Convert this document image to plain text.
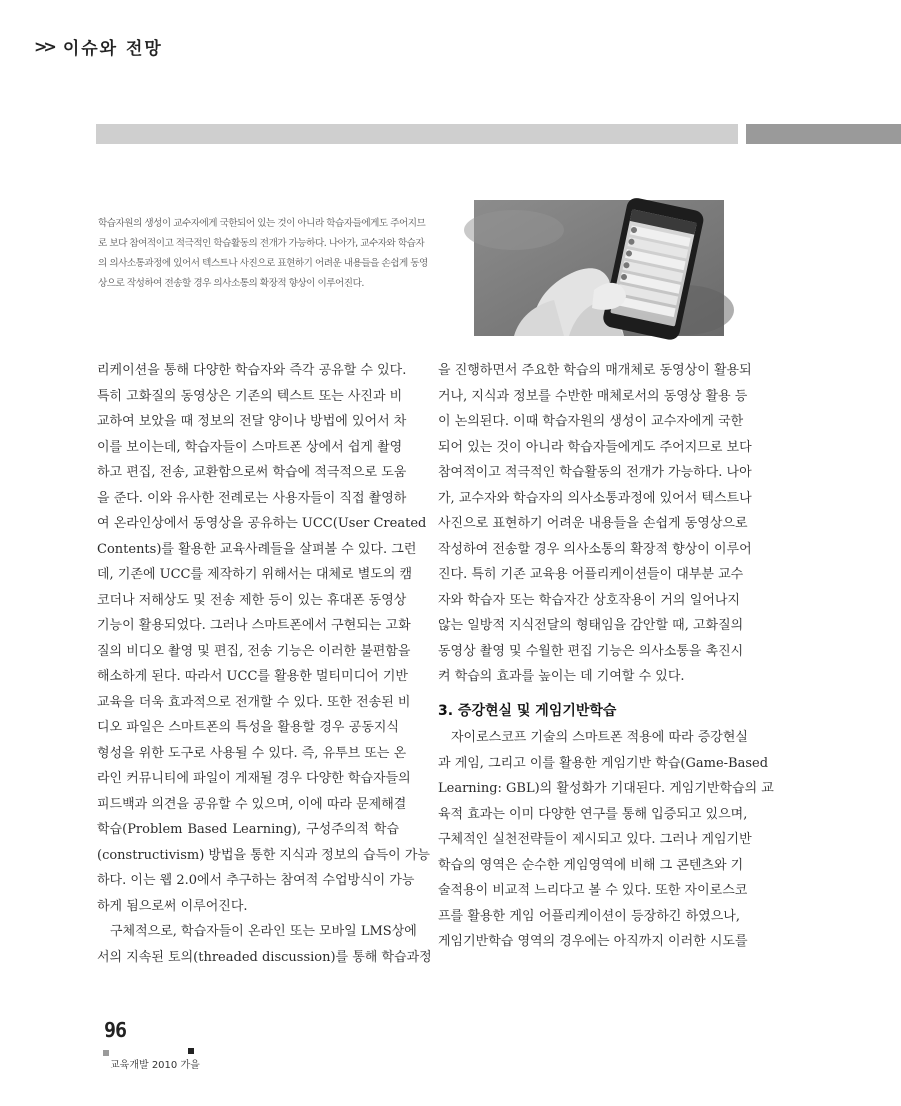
>> 이슈와 전망
학습자원의 생성이 교수자에게 국한되어 있는 것이 아니라 학습자들에게도 주어지므
로 보다 참여적이고 적극적인 학습활동의 전개가 가능하다. 나아가, 교수자와 학습자
의 의사소통과정에 있어서 텍스트나 사진으로 표현하기 어려운 내용들을 손쉽게 동영
상으로 작성하여 전송할 경우 의사소통의 확장적 향상이 이루어진다.
리케이션을 통해 다양한 학습자와 즉각 공유할 수 있다.
특히 고화질의 동영상은 기존의 텍스트 또는 사진과 비
교하여 보았을 때 정보의 전달 양이나 방법에 있어서 차
이를 보이는데, 학습자들이 스마트폰 상에서 쉽게 촬영
하고 편집, 전송, 교환함으로써 학습에 적극적으로 도움
을 준다. 이와 유사한 전례로는 사용자들이 직접 촬영하
여 온라인상에서 동영상을 공유하는 UCC(User Created
Contents)를 활용한 교육사례들을 살펴볼 수 있다. 그런
데, 기존에 UCC를 제작하기 위해서는 대체로 별도의 캠
코더나 저해상도 및 전송 제한 등이 있는 휴대폰 동영상
기능이 활용되었다. 그러나 스마트폰에서 구현되는 고화
질의 비디오 촬영 및 편집, 전송 기능은 이러한 불편함을
해소하게 된다. 따라서 UCC를 활용한 멀티미디어 기반
교육을 더욱 효과적으로 전개할 수 있다. 또한 전송된 비
디오 파일은 스마트폰의 특성을 활용할 경우 공동지식
형성을 위한 도구로 사용될 수 있다. 즉, 유투브 또는 온
라인 커뮤니티에 파일이 게재될 경우 다양한 학습자들의
피드백과 의견을 공유할 수 있으며, 이에 따라 문제해결
학습(Problem Based Learning), 구성주의적 학습
(constructivism) 방법을 통한 지식과 정보의 습득이 가능
하다. 이는 웹 2.0에서 추구하는 참여적 수업방식이 가능
하게 됨으로써 이루어진다.
구체적으로, 학습자들이 온라인 또는 모바일 LMS상에
서의 지속된 토의(threaded discussion)를 통해 학습과정
을 진행하면서 주요한 학습의 매개체로 동영상이 활용되
거나, 지식과 정보를 수반한 매체로서의 동영상 활용 등
이 논의된다. 이때 학습자원의 생성이 교수자에게 국한
되어 있는 것이 아니라 학습자들에게도 주어지므로 보다
참여적이고 적극적인 학습활동의 전개가 가능하다. 나아
가, 교수자와 학습자의 의사소통과정에 있어서 텍스트나
사진으로 표현하기 어려운 내용들을 손쉽게 동영상으로
작성하여 전송할 경우 의사소통의 확장적 향상이 이루어
진다. 특히 기존 교육용 어플리케이션들이 대부분 교수
자와 학습자 또는 학습자간 상호작용이 거의 일어나지
않는 일방적 지식전달의 형태임을 감안할 때, 고화질의
동영상 촬영 및 수월한 편집 기능은 의사소통을 촉진시
켜 학습의 효과를 높이는 데 기여할 수 있다.
3. 증강현실 및 게임기반학습
자이로스코프 기술의 스마트폰 적용에 따라 증강현실
과 게임, 그리고 이를 활용한 게임기반 학습(Game-Based
Learning: GBL)의 활성화가 기대된다. 게임기반학습의 교
육적 효과는 이미 다양한 연구를 통해 입증되고 있으며,
구체적인 실천전략들이 제시되고 있다. 그러나 게임기반
학습의 영역은 순수한 게임영역에 비해 그 콘텐츠와 기
술적용이 비교적 느리다고 볼 수 있다. 또한 자이로스코
프를 활용한 게임 어플리케이션이 등장하긴 하였으나,
게임기반학습 영역의 경우에는 아직까지 이러한 시도를
96
교육개발 2010 가을
